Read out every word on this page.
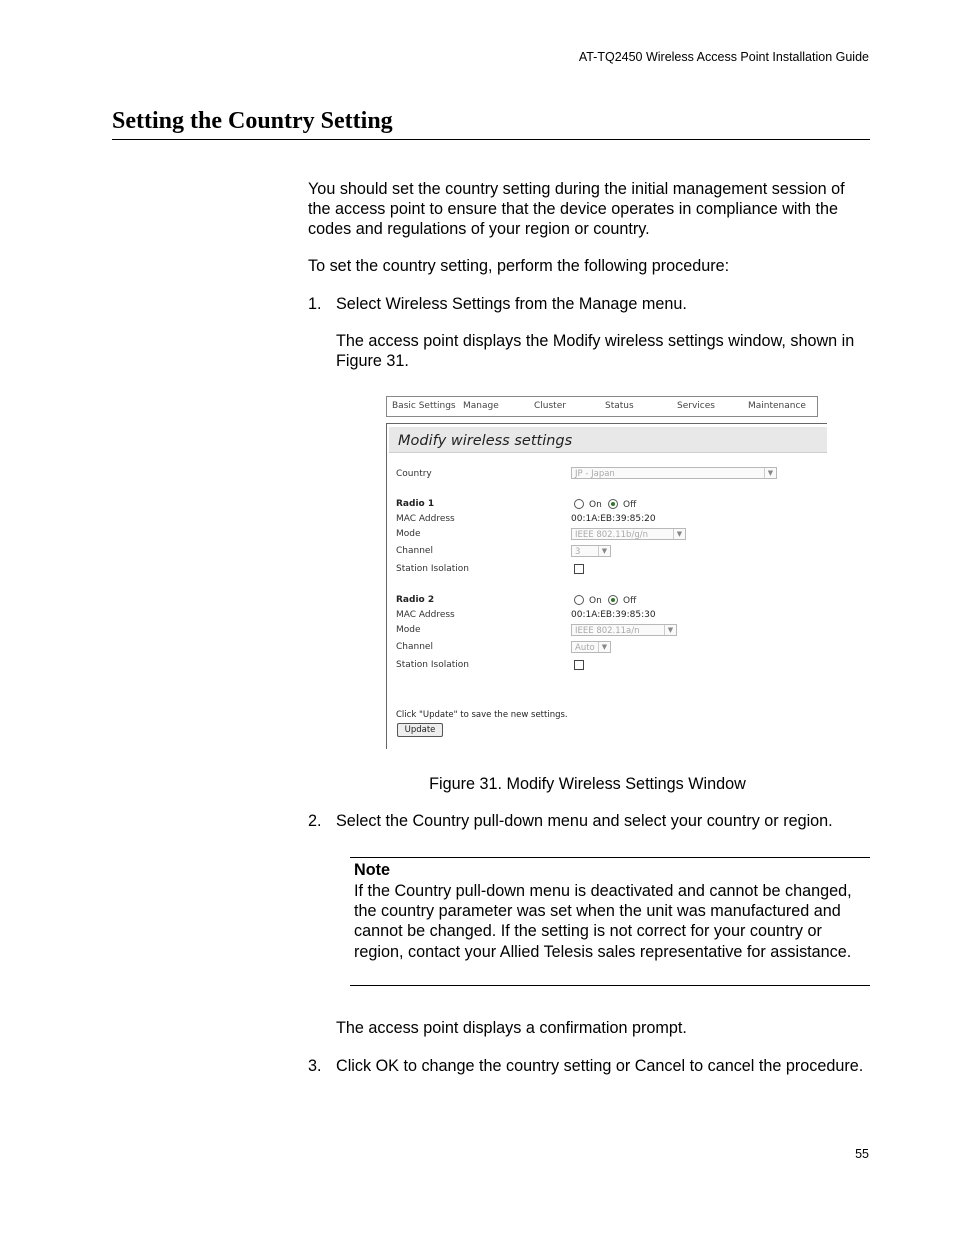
AT-TQ2450 Wireless Access Point Installation Guide
Setting the Country Setting
You should set the country setting during the initial management session of the access point to ensure that the device operates in compliance with the codes and regulations of your region or country.
To set the country setting, perform the following procedure:
1. Select Wireless Settings from the Manage menu.
The access point displays the Modify wireless settings window, shown in Figure 31.
Basic Settings Manage	Cluster	Status	Services	Maintenance
Modify wireless settings
Country	JP - Japan	▼
Radio 1	On Off
MAC Address	00:1A:EB:39:85:20
Mode	IEEE 802.11b/g/n	▼
Channel	3	▼
Station Isolation
Radio 2	On Off
MAC Address	00:1A:EB:39:85:30
Mode	IEEE 802.11a/n	▼
Channel	Auto	▼
Station Isolation
Click "Update" to save the new settings.
Update
Figure 31. Modify Wireless Settings Window
2. Select the Country pull-down menu and select your country or region.
Note
If the Country pull-down menu is deactivated and cannot be changed, the country parameter was set when the unit was manufactured and cannot be changed. If the setting is not correct for your country or region, contact your Allied Telesis sales representative for assistance.
The access point displays a confirmation prompt.
3. Click OK to change the country setting or Cancel to cancel the procedure.
55
